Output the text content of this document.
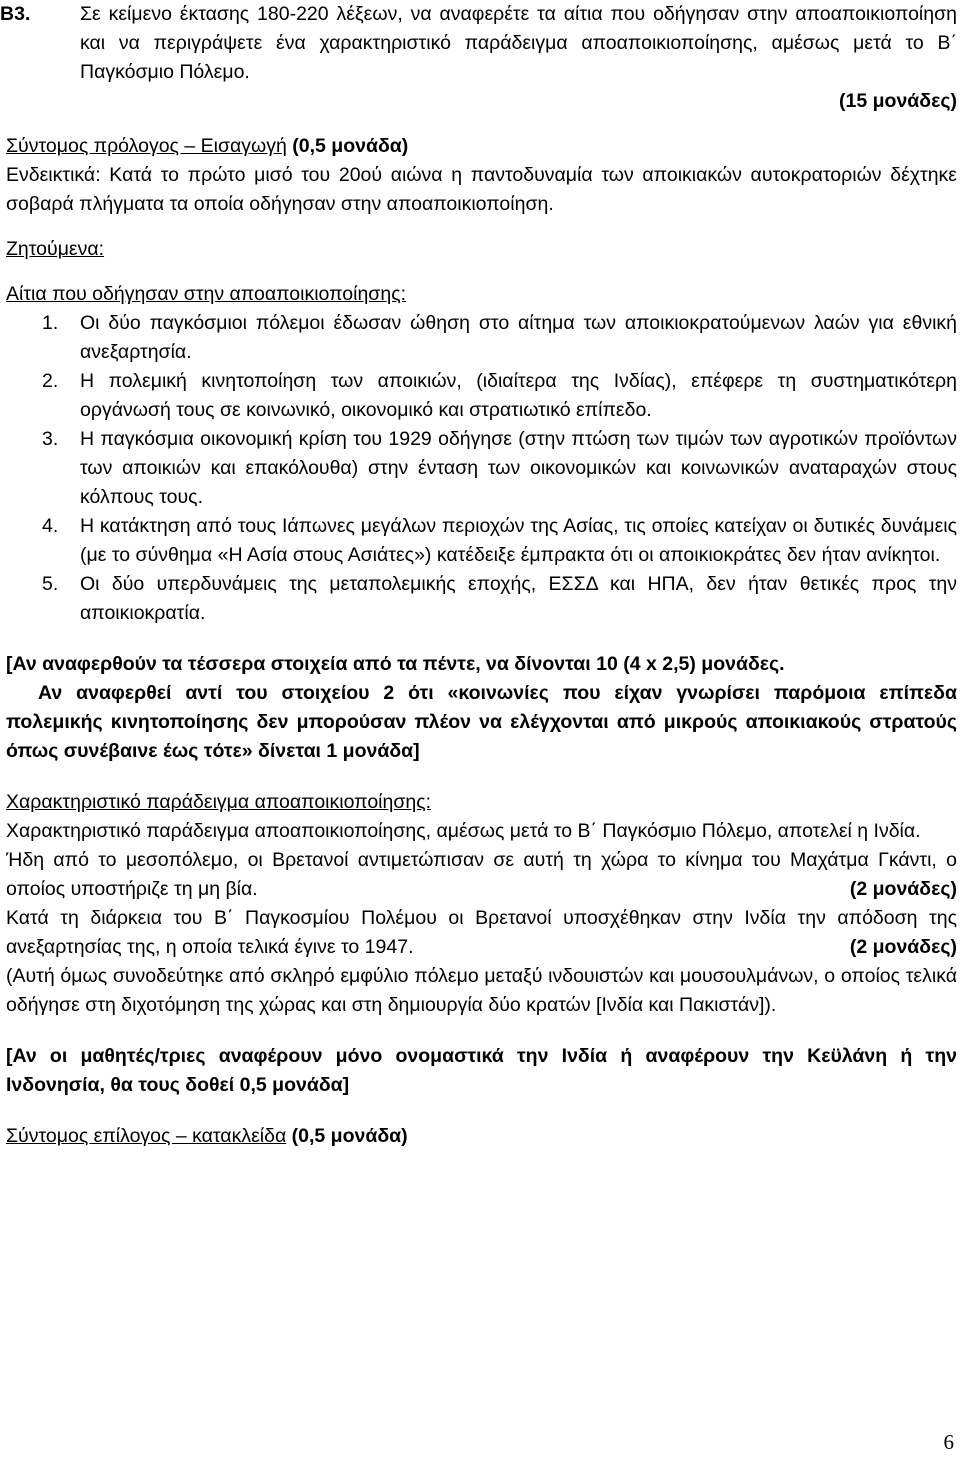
B3.	Σε κείμενο έκτασης 180-220 λέξεων, να αναφερέτε τα αίτια που οδήγησαν στην αποαποικιοποίηση και να περιγράψετε ένα χαρακτηριστικό παράδειγμα αποαποικιοποίησης, αμέσως μετά το Β΄ Παγκόσμιο Πόλεμο.
(15 μονάδες)
Σύντομος πρόλογος – Εισαγωγή (0,5 μονάδα)
Ενδεικτικά: Κατά το πρώτο μισό του 20ού αιώνα η παντοδυναμία των αποικιακών αυτοκρατοριών δέχτηκε σοβαρά πλήγματα τα οποία οδήγησαν στην αποαποικιοποίηση.
Ζητούμενα:
Αίτια που οδήγησαν στην αποαποικιοποίησης:
1. Οι δύο παγκόσμιοι πόλεμοι έδωσαν ώθηση στο αίτημα των αποικιοκρατούμενων λαών για εθνική ανεξαρτησία.
2. Η πολεμική κινητοποίηση των αποικιών, (ιδιαίτερα της Ινδίας), επέφερε τη συστηματικότερη οργάνωσή τους σε κοινωνικό, οικονομικό και στρατιωτικό επίπεδο.
3. Η παγκόσμια οικονομική κρίση του 1929 οδήγησε (στην πτώση των τιμών των αγροτικών προϊόντων των αποικιών και επακόλουθα) στην ένταση των οικονομικών και κοινωνικών αναταραχών στους κόλπους τους.
4. Η κατάκτηση από τους Ιάπωνες μεγάλων περιοχών της Ασίας, τις οποίες κατείχαν οι δυτικές δυνάμεις (με το σύνθημα «Η Ασία στους Ασιάτες») κατέδειξε έμπρακτα ότι οι αποικιοκράτες δεν ήταν ανίκητοι.
5. Οι δύο υπερδυνάμεις της μεταπολεμικής εποχής, ΕΣΣΔ και ΗΠΑ, δεν ήταν θετικές προς την αποικιοκρατία.
[Αν αναφερθούν τα τέσσερα στοιχεία από τα πέντε, να δίνονται 10 (4 x 2,5) μονάδες.
Αν αναφερθεί αντί του στοιχείου 2 ότι «κοινωνίες που είχαν γνωρίσει παρόμοια επίπεδα πολεμικής κινητοποίησης δεν μπορούσαν πλέον να ελέγχονται από μικρούς αποικιακούς στρατούς όπως συνέβαινε έως τότε» δίνεται 1 μονάδα]
Χαρακτηριστικό παράδειγμα αποαποικιοποίησης:
Χαρακτηριστικό παράδειγμα αποαποικιοποίησης, αμέσως μετά το Β΄ Παγκόσμιο Πόλεμο, αποτελεί η Ινδία.
Ήδη από το μεσοπόλεμο, οι Βρετανοί αντιμετώπισαν σε αυτή τη χώρα το κίνημα του Μαχάτμα Γκάντι, ο οποίος υποστήριζε τη μη βία.	(2 μονάδες)
Κατά τη διάρκεια του Β΄ Παγκοσμίου Πολέμου οι Βρετανοί υποσχέθηκαν στην Ινδία την απόδοση της ανεξαρτησίας της, η οποία τελικά έγινε το 1947.	(2 μονάδες)
(Αυτή όμως συνοδεύτηκε από σκληρό εμφύλιο πόλεμο μεταξύ ινδουιστών και μουσουλμάνων, ο οποίος τελικά οδήγησε στη διχοτόμηση της χώρας και στη δημιουργία δύο κρατών [Ινδία και Πακιστάν]).
[Αν οι μαθητές/τριες αναφέρουν μόνο ονομαστικά την Ινδία ή αναφέρουν την Κεϋλάνη ή την Ινδονησία, θα τους δοθεί 0,5 μονάδα]
Σύντομος επίλογος – κατακλείδα (0,5 μονάδα)
6
